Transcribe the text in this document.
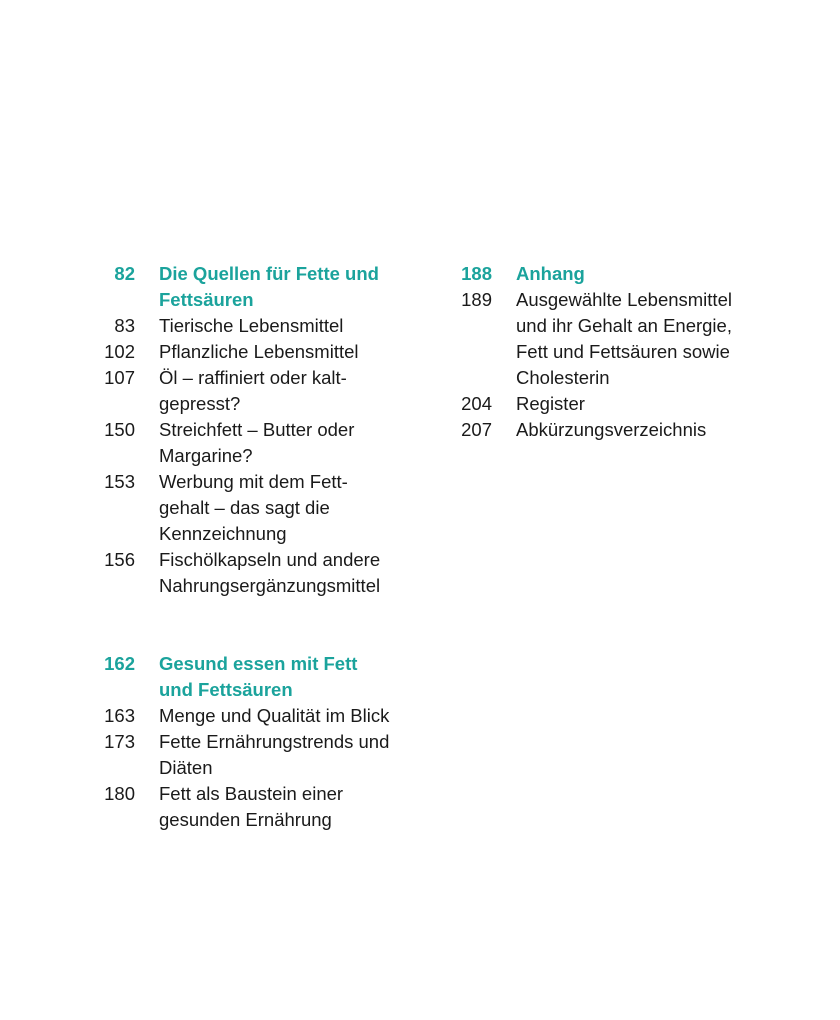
82 Die Quellen für Fette und
Fettsäuren
83 Tierische Lebensmittel
102 Pflanzliche Lebensmittel
107 Öl – raffiniert oder kalt-
gepresst?
150 Streichfett – Butter oder
Margarine?
153 Werbung mit dem Fett-
gehalt – das sagt die
Kennzeichnung
156 Fischölkapseln und andere
Nahrungsergänzungsmittel
162 Gesund essen mit Fett
und Fettsäuren
163 Menge und Qualität im Blick
173 Fette Ernährungstrends und
Diäten
180 Fett als Baustein einer
gesunden Ernährung
188 Anhang
189 Ausgewählte Lebensmittel
und ihr Gehalt an Energie,
Fett und Fettsäuren sowie
Cholesterin
204 Register
207 Abkürzungsverzeichnis
